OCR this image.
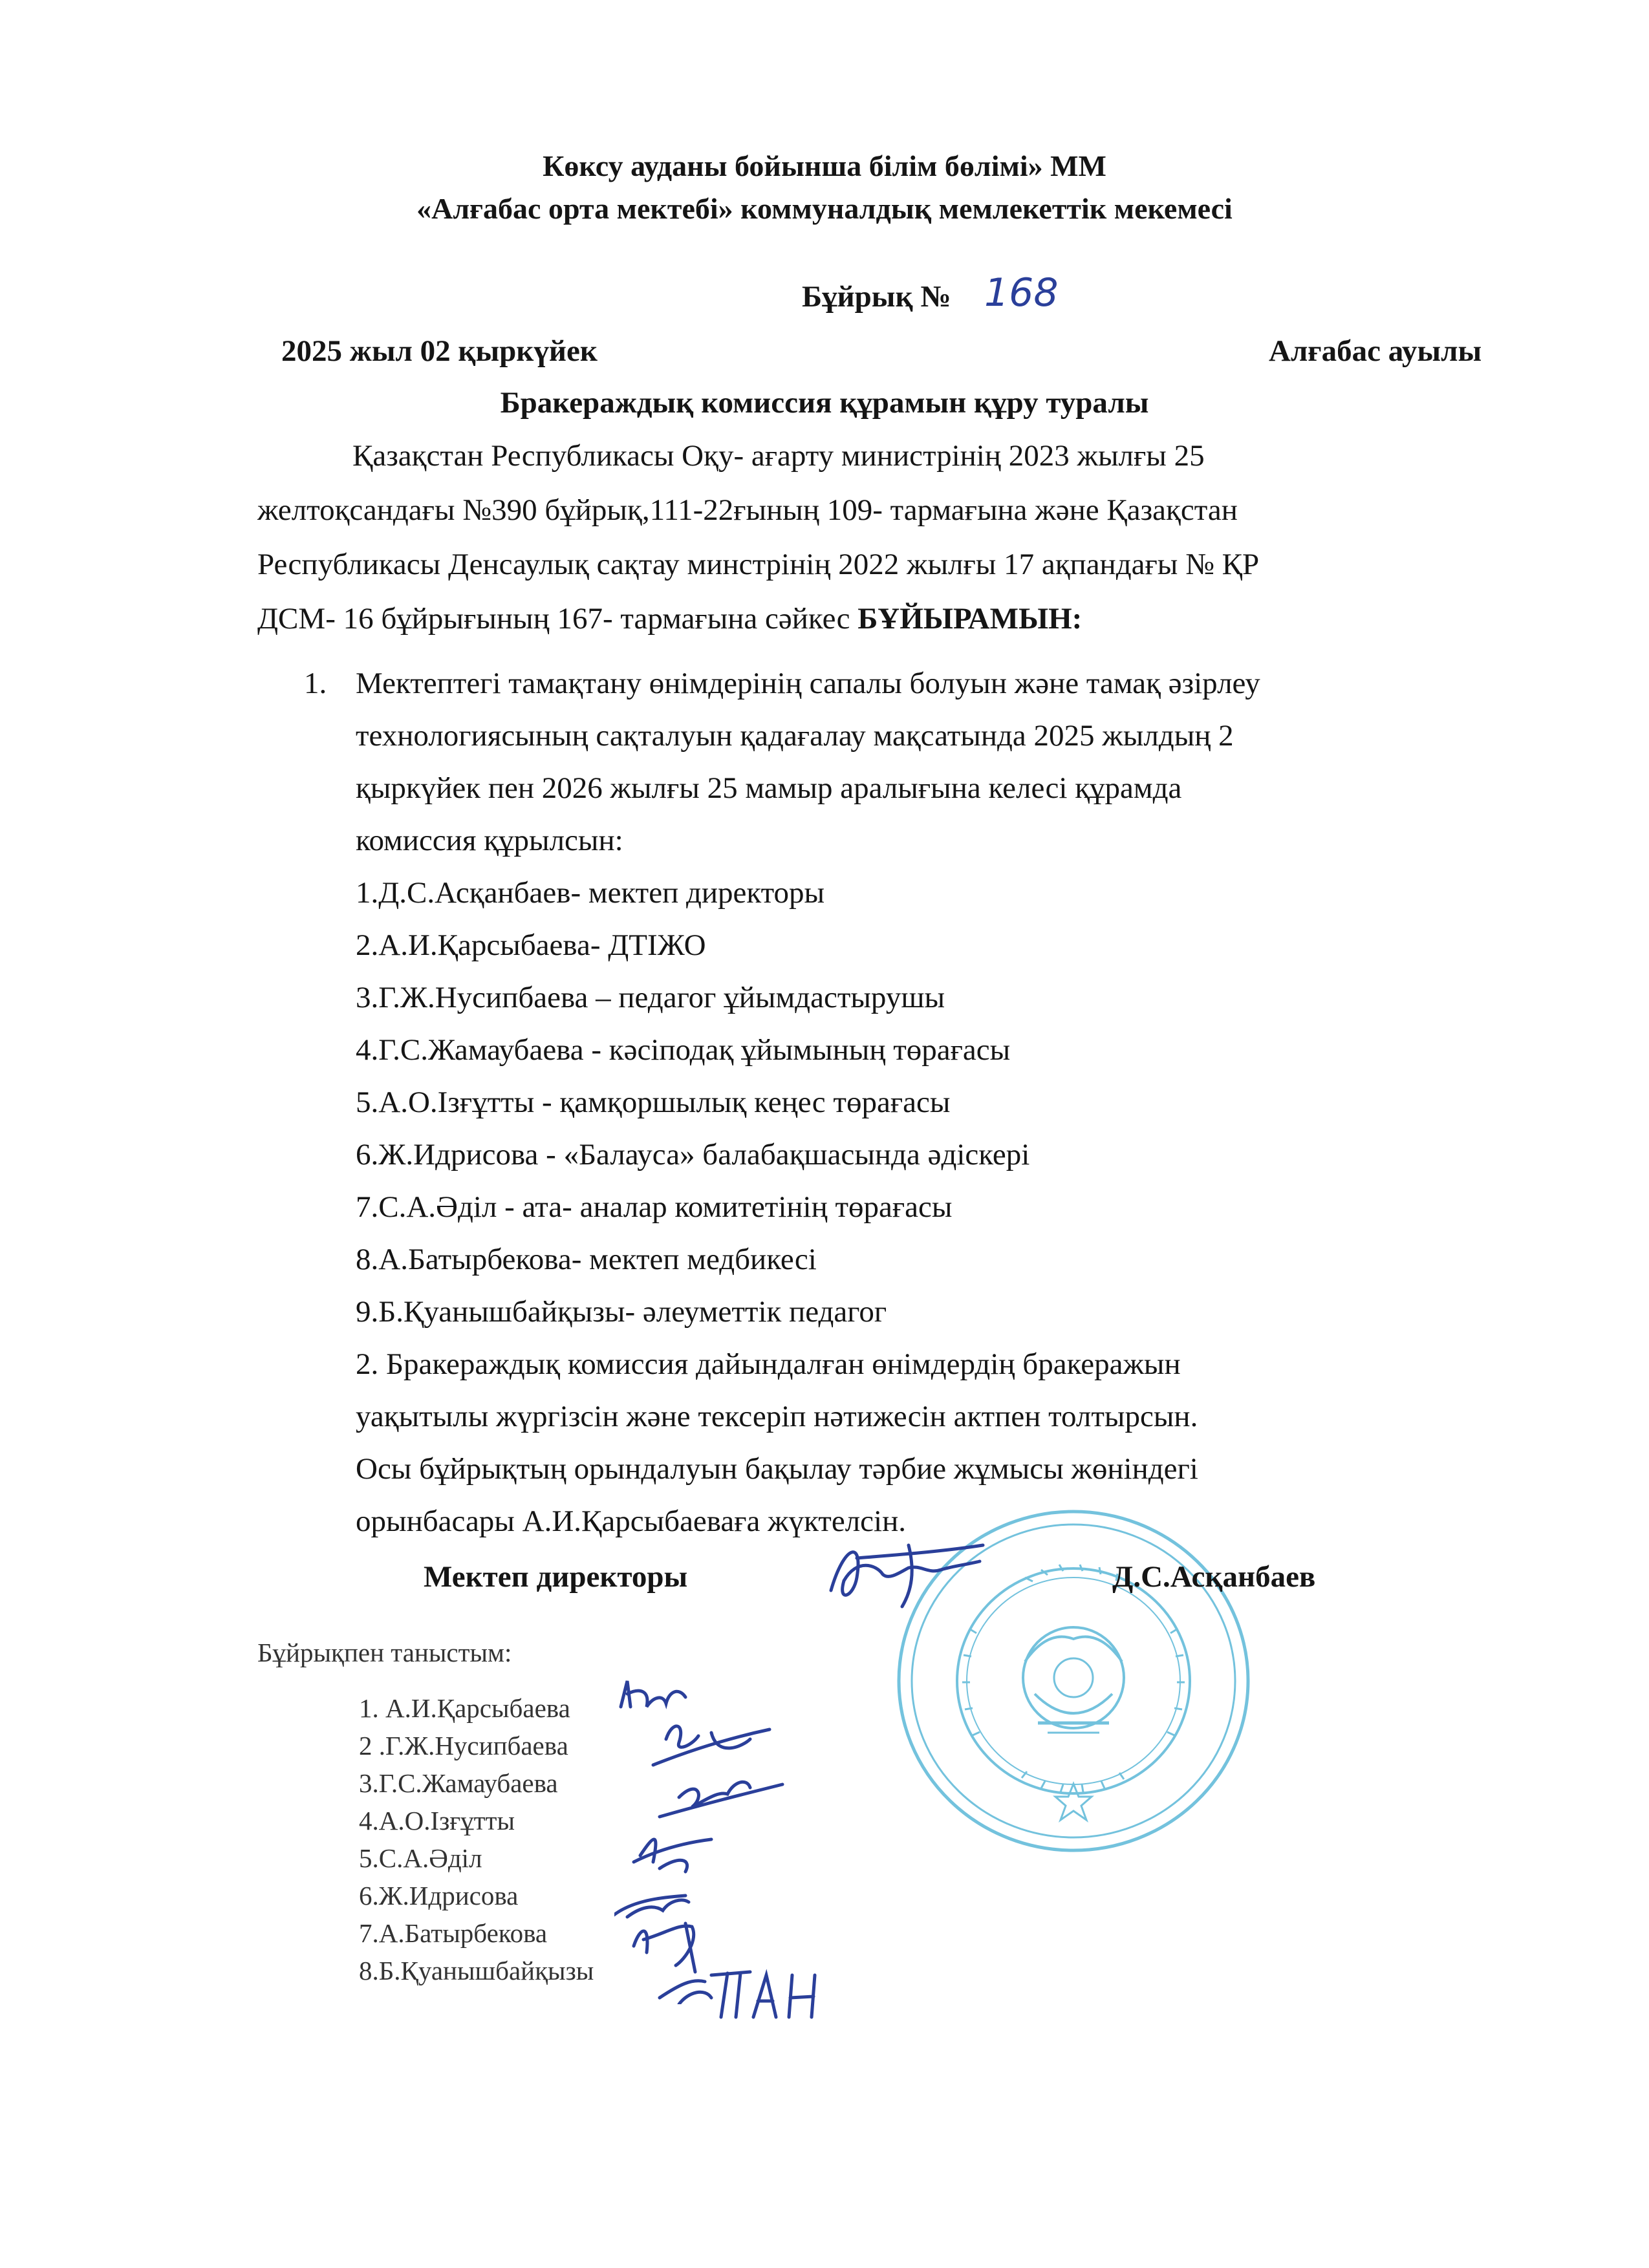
Көксу ауданы бойынша білім бөлімі» ММ
«Алғабас орта мектебі» коммуналдық мемлекеттік мекемесі
Бұйрық № 168
2025 жыл 02 қыркүйек	Алғабас ауылы
Бракераждық комиссия құрамын құру туралы
Қазақстан Республикасы Оқу- ағарту министрінің 2023 жылғы 25
желтоқсандағы №390 бұйрық,111-22ғының 109- тармағына және Қазақстан
Республикасы Денсаулық сақтау минстрінің 2022 жылғы 17 ақпандағы № ҚР
ДСМ- 16 бұйрығының 167- тармағына сәйкес БҰЙЫРАМЫН:
1. Мектептегі тамақтану өнімдерінің сапалы болуын және тамақ әзірлеу
технологиясының сақталуын қадағалау мақсатында 2025 жылдың 2
қыркүйек пен 2026 жылғы 25 мамыр аралығына келесі құрамда
комиссия құрылсын:
1.Д.С.Асқанбаев- мектеп директоры
2.А.И.Қарсыбаева- ДТІЖО
3.Г.Ж.Нусипбаева – педагог ұйымдастырушы
4.Г.С.Жамаубаева - кәсіподақ ұйымының төрағасы
5.А.О.Ізғұтты - қамқоршылық кеңес төрағасы
6.Ж.Идрисова - «Балауса» балабақшасында әдіскері
7.С.А.Әділ - ата- аналар комитетінің төрағасы
8.А.Батырбекова- мектеп медбикесі
9.Б.Қуанышбайқызы- әлеуметтік педагог
2. Бракераждық комиссия дайындалған өнімдердің бракеражын
уақытылы жүргізсін және тексеріп нәтижесін актпен толтырсын.
Осы бұйрықтың орындалуын бақылау тәрбие жұмысы жөніндегі
орынбасары А.И.Қарсыбаеваға жүктелсін.
Мектеп директоры	Д.С.Асқанбаев
Бұйрықпен таныстым:
1. А.И.Қарсыбаева
2 .Г.Ж.Нусипбаева
3.Г.С.Жамаубаева
4.А.О.Ізғұтты
5.С.А.Әділ
6.Ж.Идрисова
7.А.Батырбекова
8.Б.Қуанышбайқызы
